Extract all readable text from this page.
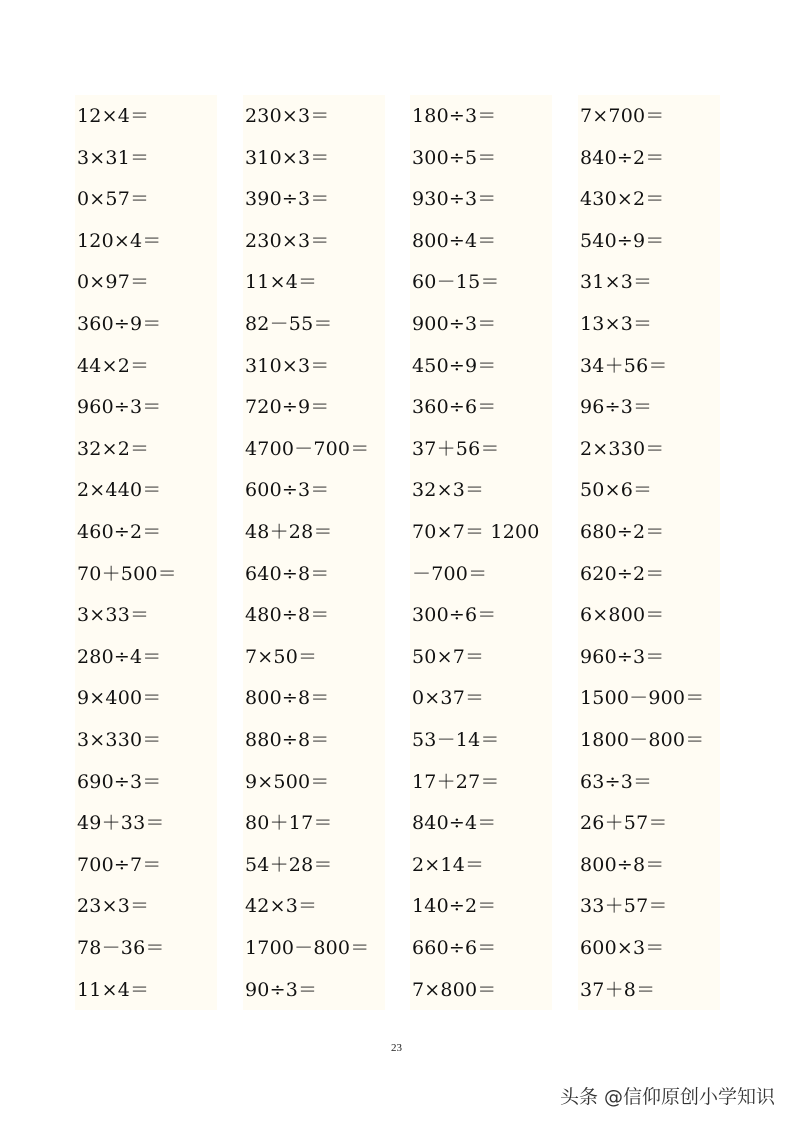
12×4＝
3×31＝
0×57＝
120×4＝
0×97＝
360÷9＝
44×2＝
960÷3＝
32×2＝
2×440＝
460÷2＝
70＋500＝
3×33＝
280÷4＝
9×400＝
3×330＝
690÷3＝
49＋33＝
700÷7＝
23×3＝
78－36＝
11×4＝
230×3＝
310×3＝
390÷3＝
230×3＝
11×4＝
82－55＝
310×3＝
720÷9＝
4700－700＝
600÷3＝
48＋28＝
640÷8＝
480÷8＝
7×50＝
800÷8＝
880÷8＝
9×500＝
80＋17＝
54＋28＝
42×3＝
1700－800＝
90÷3＝
180÷3＝
300÷5＝
930÷3＝
800÷4＝
60－15＝
900÷3＝
450÷9＝
360÷6＝
37＋56＝
32×3＝
70×7＝ 1200
－700＝
300÷6＝
50×7＝
0×37＝
53－14＝
17＋27＝
840÷4＝
2×14＝
140÷2＝
660÷6＝
7×800＝
7×700＝
840÷2＝
430×2＝
540÷9＝
31×3＝
13×3＝
34＋56＝
96÷3＝
2×330＝
50×6＝
680÷2＝
620÷2＝
6×800＝
960÷3＝
1500－900＝
1800－800＝
63÷3＝
26＋57＝
800÷8＝
33＋57＝
600×3＝
37＋8＝
23
头条 @信仰原创小学知识
